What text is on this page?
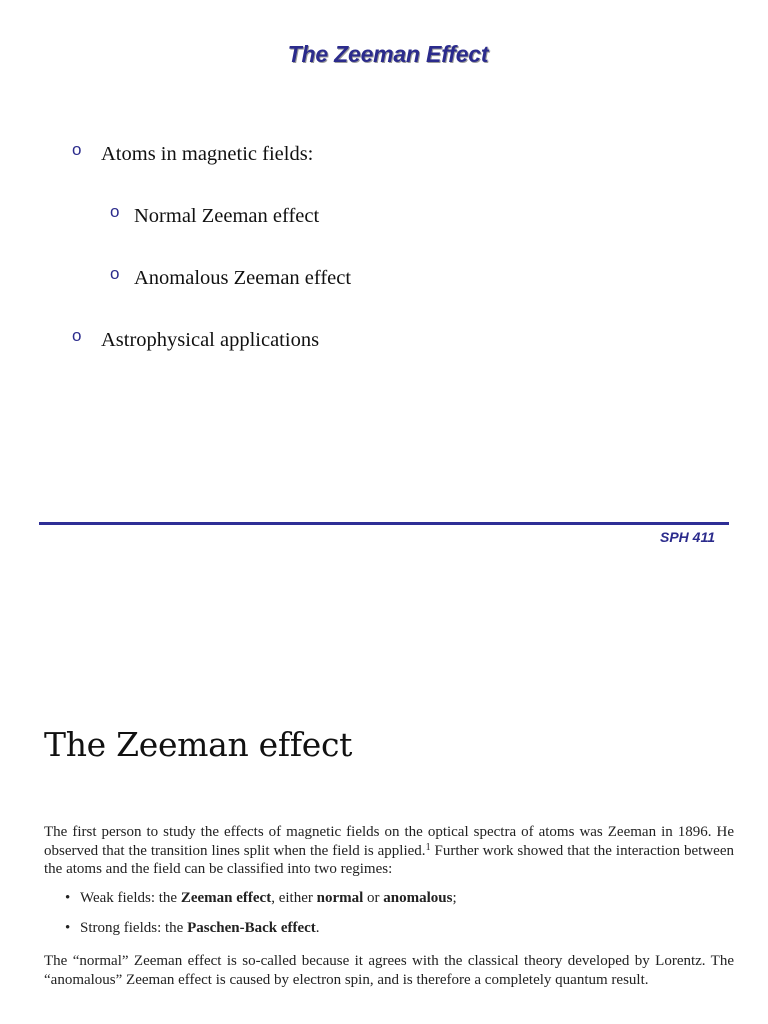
The Zeeman Effect
o Atoms in magnetic fields:
o Normal Zeeman effect
o Anomalous Zeeman effect
o Astrophysical applications
SPH 411
The Zeeman effect
The first person to study the effects of magnetic fields on the optical spectra of atoms was Zeeman in 1896. He observed that the transition lines split when the field is applied.$^1$ Further work showed that the interaction between the atoms and the field can be classified into two regimes:
• Weak fields: the Zeeman effect, either normal or anomalous;
• Strong fields: the Paschen-Back effect.
The “normal” Zeeman effect is so-called because it agrees with the classical theory developed by Lorentz. The “anomalous” Zeeman effect is caused by electron spin, and is therefore a completely quantum result.
